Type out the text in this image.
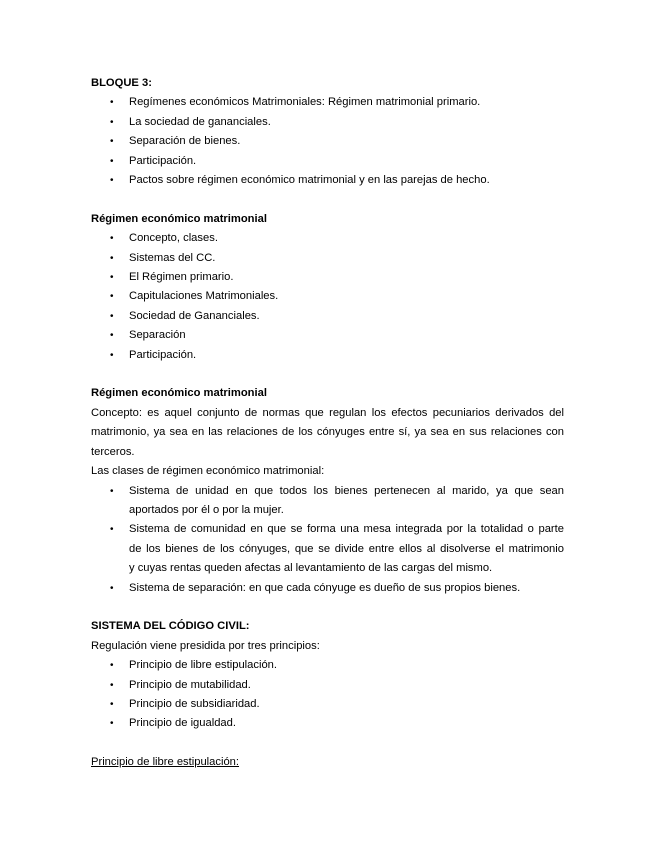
BLOQUE 3:
• Regímenes económicos Matrimoniales: Régimen matrimonial primario.
• La sociedad de gananciales.
• Separación de bienes.
• Participación.
• Pactos sobre régimen económico matrimonial y en las parejas de hecho.
Régimen económico matrimonial
• Concepto, clases.
• Sistemas del CC.
• El Régimen primario.
• Capitulaciones Matrimoniales.
• Sociedad de Gananciales.
• Separación
• Participación.
Régimen económico matrimonial
Concepto: es aquel conjunto de normas que regulan los efectos pecuniarios derivados del
matrimonio, ya sea en las relaciones de los cónyuges entre sí, ya sea en sus relaciones con
terceros.
Las clases de régimen económico matrimonial:
• Sistema de unidad en que todos los bienes pertenecen al marido, ya que sean
aportados por él o por la mujer.
• Sistema de comunidad en que se forma una mesa integrada por la totalidad o parte
de los bienes de los cónyuges, que se divide entre ellos al disolverse el matrimonio
y cuyas rentas queden afectas al levantamiento de las cargas del mismo.
• Sistema de separación: en que cada cónyuge es dueño de sus propios bienes.
SISTEMA DEL CÓDIGO CIVIL:
Regulación viene presidida por tres principios:
• Principio de libre estipulación.
• Principio de mutabilidad.
• Principio de subsidiaridad.
• Principio de igualdad.
Principio de libre estipulación:
